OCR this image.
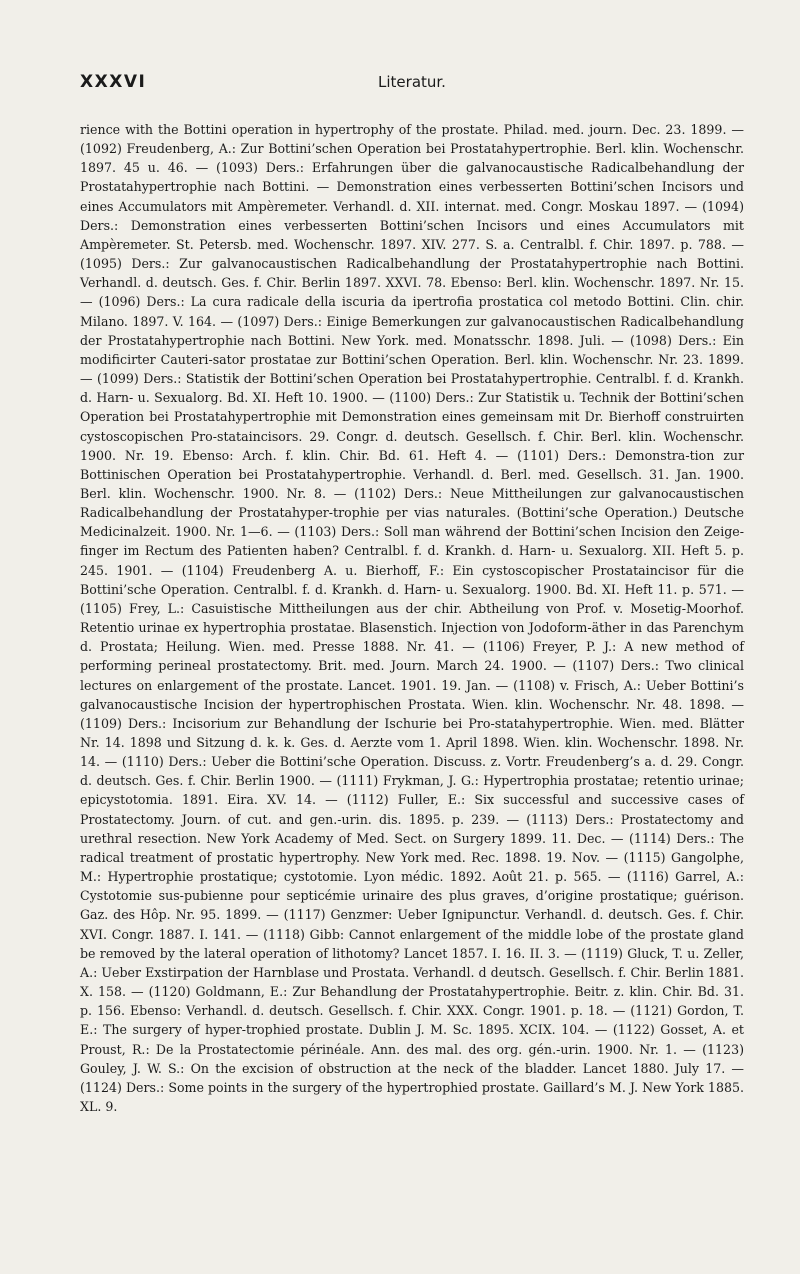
XXXVI	Literatur.

rience with the Bottini operation in hypertrophy of the prostate. Philad. med. journ. Dec. 23. 1899. — (1092) Freudenberg, A.: Zur Bottini’schen Operation bei Prostatahypertrophie. Berl. klin. Wochenschr. 1897. 45 u. 46. — (1093) Ders.: Erfahrungen über die galvanocaustische Radicalbehandlung der Prostatahypertrophie nach Bottini. — Demonstration eines verbesserten Bottini’schen Incisors und eines Accumulators mit Ampèremeter. Verhandl. d. XII. internat. med. Congr. Moskau 1897. — (1094) Ders.: Demonstration eines verbesserten Bottini’schen Incisors und eines Accumulators mit Ampèremeter. St. Petersb. med. Wochenschr. 1897. XIV. 277. S. a. Centralbl. f. Chir. 1897. p. 788. — (1095) Ders.: Zur galvanocaustischen Radicalbehandlung der Prostatahypertrophie nach Bottini. Verhandl. d. deutsch. Ges. f. Chir. Berlin 1897. XXVI. 78. Ebenso: Berl. klin. Wochenschr. 1897. Nr. 15. — (1096) Ders.: La cura radicale della iscuria da ipertrofia prostatica col metodo Bottini. Clin. chir. Milano. 1897. V. 164. — (1097) Ders.: Einige Bemerkungen zur galvanocaustischen Radicalbehandlung der Prostatahypertrophie nach Bottini. New York. med. Monatsschr. 1898. Juli. — (1098) Ders.: Ein modificirter Cauteri-sator prostatae zur Bottini’schen Operation. Berl. klin. Wochenschr. Nr. 23. 1899. — (1099) Ders.: Statistik der Bottini’schen Operation bei Prostatahypertrophie. Centralbl. f. d. Krankh. d. Harn- u. Sexualorg. Bd. XI. Heft 10. 1900. — (1100) Ders.: Zur Statistik u. Technik der Bottini’schen Operation bei Prostatahypertrophie mit Demonstration eines gemeinsam mit Dr. Bierhoff construirten cystoscopischen Pro-stataincisors. 29. Congr. d. deutsch. Gesellsch. f. Chir. Berl. klin. Wochenschr. 1900. Nr. 19. Ebenso: Arch. f. klin. Chir. Bd. 61. Heft 4. — (1101) Ders.: Demonstra-tion zur Bottinischen Operation bei Prostatahypertrophie. Verhandl. d. Berl. med. Gesellsch. 31. Jan. 1900. Berl. klin. Wochenschr. 1900. Nr. 8. — (1102) Ders.: Neue Mittheilungen zur galvanocaustischen Radicalbehandlung der Prostatahyper-trophie per vias naturales. (Bottini’sche Operation.) Deutsche Medicinalzeit. 1900. Nr. 1—6. — (1103) Ders.: Soll man während der Bottini’schen Incision den Zeige-finger im Rectum des Patienten haben? Centralbl. f. d. Krankh. d. Harn- u. Sexualorg. XII. Heft 5. p. 245. 1901. — (1104) Freudenberg A. u. Bierhoff, F.: Ein cystoscopischer Prostataincisor für die Bottini’sche Operation. Centralbl. f. d. Krankh. d. Harn- u. Sexualorg. 1900. Bd. XI. Heft 11. p. 571. — (1105) Frey, L.: Casuistische Mittheilungen aus der chir. Abtheilung von Prof. v. Mosetig-Moorhof. Retentio urinae ex hypertrophia prostatae. Blasenstich. Injection von Jodoform-äther in das Parenchym d. Prostata; Heilung. Wien. med. Presse 1888. Nr. 41. — (1106) Freyer, P. J.: A new method of performing perineal prostatectomy. Brit. med. Journ. March 24. 1900. — (1107) Ders.: Two clinical lectures on enlargement of the prostate. Lancet. 1901. 19. Jan. — (1108) v. Frisch, A.: Ueber Bottini’s galvanocaustische Incision der hypertrophischen Prostata. Wien. klin. Wochenschr. Nr. 48. 1898. — (1109) Ders.: Incisorium zur Behandlung der Ischurie bei Pro-statahypertrophie. Wien. med. Blätter Nr. 14. 1898 und Sitzung d. k. k. Ges. d. Aerzte vom 1. April 1898. Wien. klin. Wochenschr. 1898. Nr. 14. — (1110) Ders.: Ueber die Bottini’sche Operation. Discuss. z. Vortr. Freudenberg’s a. d. 29. Congr. d. deutsch. Ges. f. Chir. Berlin 1900. — (1111) Frykman, J. G.: Hypertrophia prostatae; retentio urinae; epicystotomia. 1891. Eira. XV. 14. — (1112) Fuller, E.: Six successful and successive cases of Prostatectomy. Journ. of cut. and gen.-urin. dis. 1895. p. 239. — (1113) Ders.: Prostatectomy and urethral resection. New York Academy of Med. Sect. on Surgery 1899. 11. Dec. — (1114) Ders.: The radical treatment of prostatic hypertrophy. New York med. Rec. 1898. 19. Nov. — (1115) Gangolphe, M.: Hypertrophie prostatique; cystotomie. Lyon médic. 1892. Août 21. p. 565. — (1116) Garrel, A.: Cystotomie sus-pubienne pour septicémie urinaire des plus graves, d’origine prostatique; guérison. Gaz. des Hôp. Nr. 95. 1899. — (1117) Genzmer: Ueber Ignipunctur. Verhandl. d. deutsch. Ges. f. Chir. XVI. Congr. 1887. I. 141. — (1118) Gibb: Cannot enlargement of the middle lobe of the prostate gland be removed by the lateral operation of lithotomy? Lancet 1857. I. 16. II. 3. — (1119) Gluck, T. u. Zeller, A.: Ueber Exstirpation der Harnblase und Prostata. Verhandl. d deutsch. Gesellsch. f. Chir. Berlin 1881. X. 158. — (1120) Goldmann, E.: Zur Behandlung der Prostatahypertrophie. Beitr. z. klin. Chir. Bd. 31. p. 156. Ebenso: Verhandl. d. deutsch. Gesellsch. f. Chir. XXX. Congr. 1901. p. 18. — (1121) Gordon, T. E.: The surgery of hyper-trophied prostate. Dublin J. M. Sc. 1895. XCIX. 104. — (1122) Gosset, A. et Proust, R.: De la Prostatectomie périnéale. Ann. des mal. des org. gén.-urin. 1900. Nr. 1. — (1123) Gouley, J. W. S.: On the excision of obstruction at the neck of the bladder. Lancet 1880. July 17. — (1124) Ders.: Some points in the surgery of the hypertrophied prostate. Gaillard’s M. J. New York 1885. XL. 9.
